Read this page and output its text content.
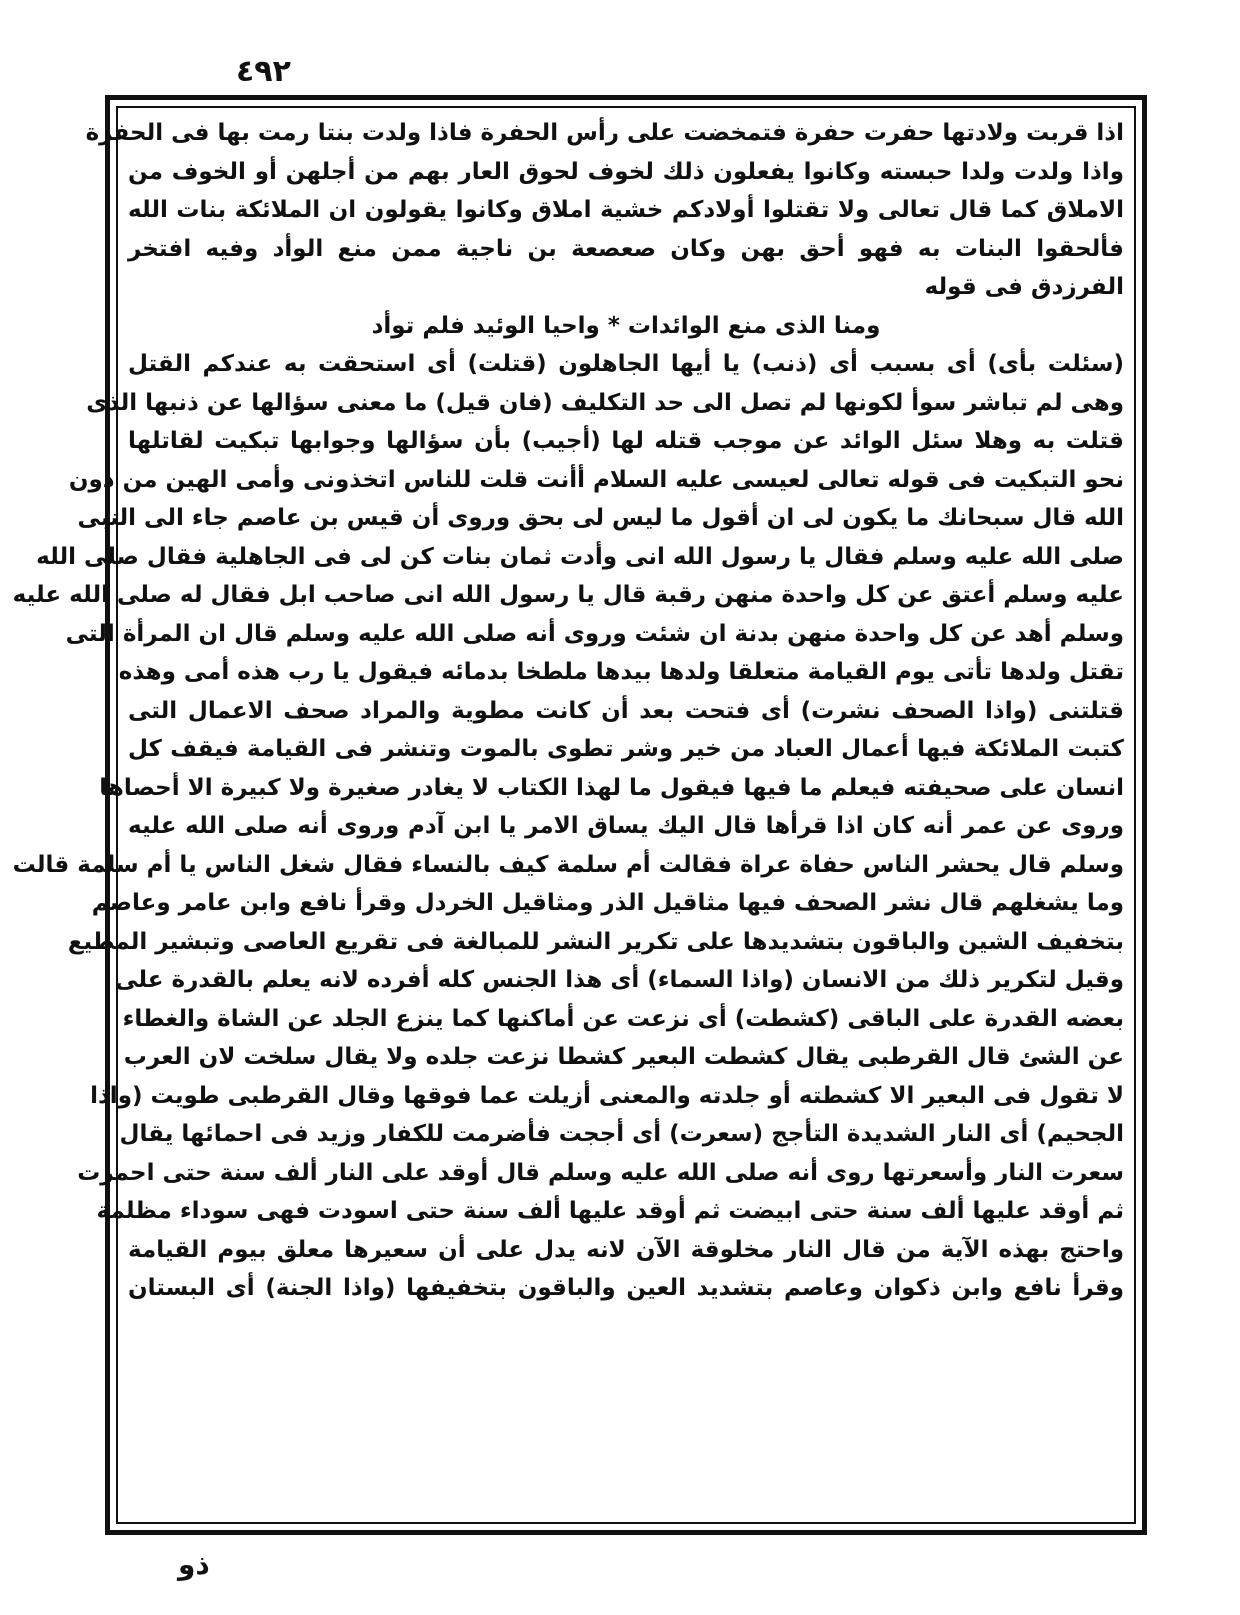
٤٩٢
اذا قربت ولادتها حفرت حفرة فتمخضت على رأس الحفرة فاذا ولدت بنتا رمت بها فى الحفرة
واذا ولدت ولدا حبسته وكانوا يفعلون ذلك لخوف لحوق العار بهم من أجلهن أو الخوف من
الاملاق كما قال تعالى ولا تقتلوا أولادكم خشية املاق وكانوا يقولون ان الملائكة بنات الله
فألحقوا البنات به فهو أحق بهن وكان صعصعة بن ناجية ممن منع الوأد وفيه افتخر
الفرزدق فى قوله
ومنا الذى منع الوائدات * واحيا الوئيد فلم توأد
(سئلت بأى) أى بسبب أى (ذنب) يا أيها الجاهلون (قتلت) أى استحقت به عندكم القتل
وهى لم تباشر سوأ لكونها لم تصل الى حد التكليف (فان قيل) ما معنى سؤالها عن ذنبها الذى
قتلت به وهلا سئل الوائد عن موجب قتله لها (أجيب) بأن سؤالها وجوابها تبكيت لقاتلها
نحو التبكيت فى قوله تعالى لعيسى عليه السلام أأنت قلت للناس اتخذونى وأمى الهين من دون
الله قال سبحانك ما يكون لى ان أقول ما ليس لى بحق وروى أن قيس بن عاصم جاء الى النبى
صلى الله عليه وسلم فقال يا رسول الله انى وأدت ثمان بنات كن لى فى الجاهلية فقال صلى الله
عليه وسلم أعتق عن كل واحدة منهن رقبة قال يا رسول الله انى صاحب ابل فقال له صلى الله عليه
وسلم أهد عن كل واحدة منهن بدنة ان شئت وروى أنه صلى الله عليه وسلم قال ان المرأة التى
تقتل ولدها تأتى يوم القيامة متعلقا ولدها بيدها ملطخا بدمائه فيقول يا رب هذه أمى وهذه
قتلتنى (واذا الصحف نشرت) أى فتحت بعد أن كانت مطوية والمراد صحف الاعمال التى
كتبت الملائكة فيها أعمال العباد من خير وشر تطوى بالموت وتنشر فى القيامة فيقف كل
انسان على صحيفته فيعلم ما فيها فيقول ما لهذا الكتاب لا يغادر صغيرة ولا كبيرة الا أحصاها
وروى عن عمر أنه كان اذا قرأها قال اليك يساق الامر يا ابن آدم وروى أنه صلى الله عليه
وسلم قال يحشر الناس حفاة عراة فقالت أم سلمة كيف بالنساء فقال شغل الناس يا أم سلمة قالت
وما يشغلهم قال نشر الصحف فيها مثاقيل الذر ومثاقيل الخردل وقرأ نافع وابن عامر وعاصم
بتخفيف الشين والباقون بتشديدها على تكرير النشر للمبالغة فى تقريع العاصى وتبشير المطيع
وقيل لتكرير ذلك من الانسان (واذا السماء) أى هذا الجنس كله أفرده لانه يعلم بالقدرة على
بعضه القدرة على الباقى (كشطت) أى نزعت عن أماكنها كما ينزع الجلد عن الشاة والغطاء
عن الشئ قال القرطبى يقال كشطت البعير كشطا نزعت جلده ولا يقال سلخت لان العرب
لا تقول فى البعير الا كشطته أو جلدته والمعنى أزيلت عما فوقها وقال القرطبى طويت (واذا
الجحيم) أى النار الشديدة التأجج (سعرت) أى أججت فأضرمت للكفار وزيد فى احمائها يقال
سعرت النار وأسعرتها روى أنه صلى الله عليه وسلم قال أوقد على النار ألف سنة حتى احمرت
ثم أوقد عليها ألف سنة حتى ابيضت ثم أوقد عليها ألف سنة حتى اسودت فهى سوداء مظلمة
واحتج بهذه الآية من قال النار مخلوقة الآن لانه يدل على أن سعيرها معلق بيوم القيامة
وقرأ نافع وابن ذكوان وعاصم بتشديد العين والباقون بتخفيفها (واذا الجنة) أى البستان
ذو
